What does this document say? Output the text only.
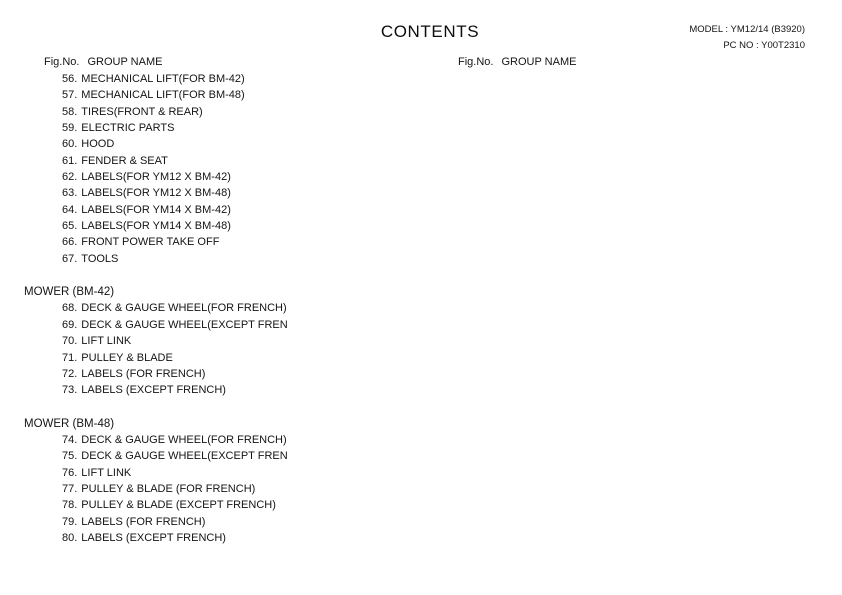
CONTENTS	MODEL : YM12/14 (B3920)
PC NO : Y00T2310
Fig.No. GROUP NAME	Fig.No. GROUP NAME
56. MECHANICAL LIFT(FOR BM-42)
57. MECHANICAL LIFT(FOR BM-48)
58. TIRES(FRONT & REAR)
59. ELECTRIC PARTS
60. HOOD
61. FENDER & SEAT
62. LABELS(FOR YM12 X BM-42)
63. LABELS(FOR YM12 X BM-48)
64. LABELS(FOR YM14 X BM-42)
65. LABELS(FOR YM14 X BM-48)
66. FRONT POWER TAKE OFF
67. TOOLS
MOWER (BM-42)
68. DECK & GAUGE WHEEL(FOR FRENCH)
69. DECK & GAUGE WHEEL(EXCEPT FREN
70. LIFT LINK
71. PULLEY & BLADE
72. LABELS (FOR FRENCH)
73. LABELS (EXCEPT FRENCH)
MOWER (BM-48)
74. DECK & GAUGE WHEEL(FOR FRENCH)
75. DECK & GAUGE WHEEL(EXCEPT FREN
76. LIFT LINK
77. PULLEY & BLADE (FOR FRENCH)
78. PULLEY & BLADE (EXCEPT FRENCH)
79. LABELS (FOR FRENCH)
80. LABELS (EXCEPT FRENCH)
